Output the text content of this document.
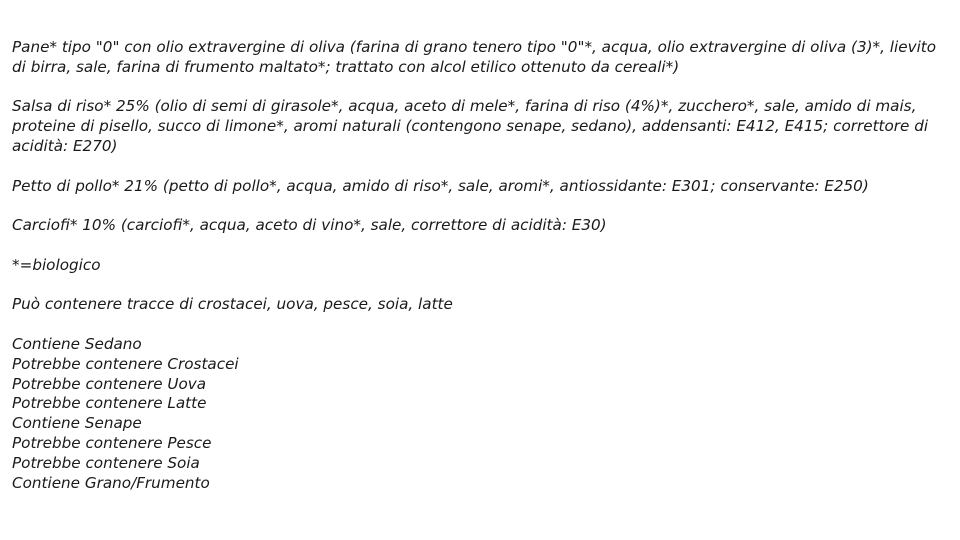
Pane* tipo "0" con olio extravergine di oliva (farina di grano tenero tipo "0"*, acqua, olio extravergine di oliva (3)*, lievito di birra, sale, farina di frumento maltato*; trattato con alcol etilico ottenuto da cereali*)

Salsa di riso* 25% (olio di semi di girasole*, acqua, aceto di mele*, farina di riso (4%)*, zucchero*, sale, amido di mais, proteine di pisello, succo di limone*, aromi naturali (contengono senape, sedano), addensanti: E412, E415; correttore di acidità: E270)

Petto di pollo* 21% (petto di pollo*, acqua, amido di riso*, sale, aromi*, antiossidante: E301; conservante: E250)

Carciofi* 10% (carciofi*, acqua, aceto di vino*, sale, correttore di acidità: E30)

*=biologico

Può contenere tracce di crostacei, uova, pesce, soia, latte

Contiene Sedano
Potrebbe contenere Crostacei
Potrebbe contenere Uova
Potrebbe contenere Latte
Contiene Senape
Potrebbe contenere Pesce
Potrebbe contenere Soia
Contiene Grano/Frumento
